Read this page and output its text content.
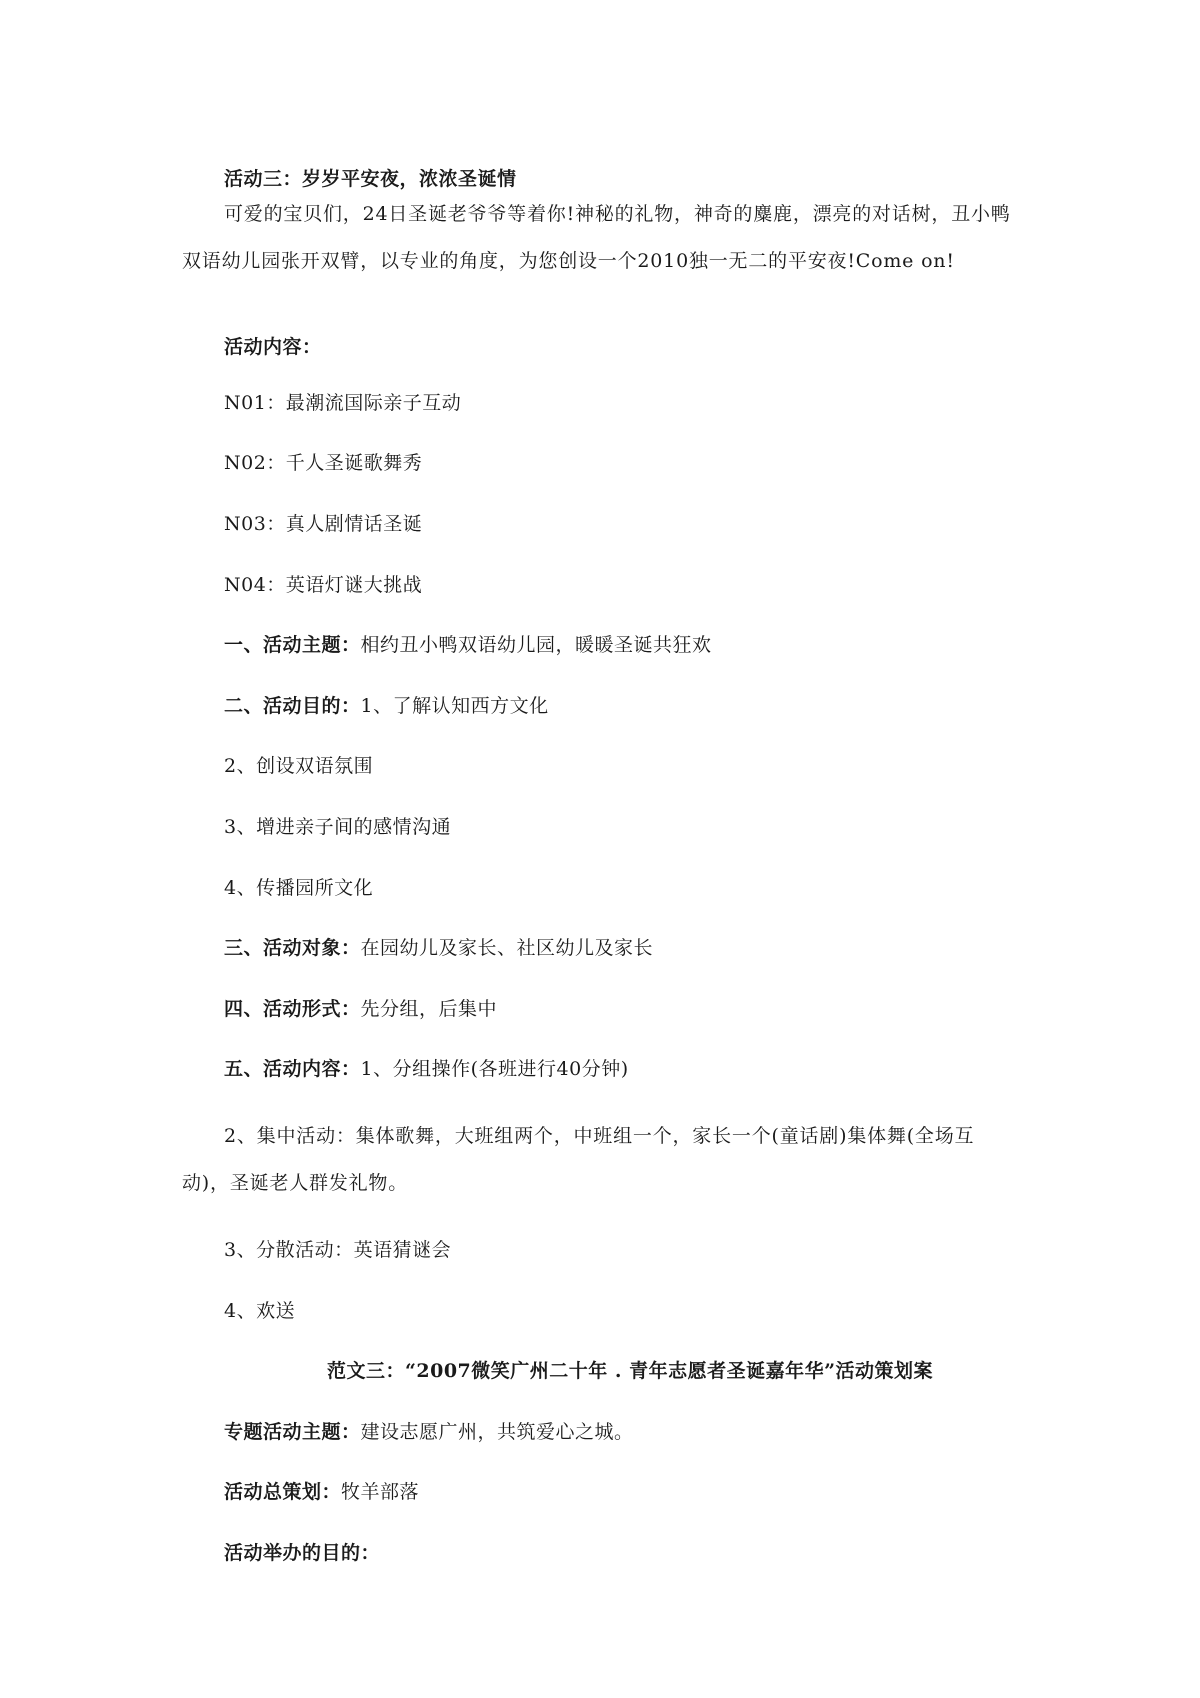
活动三：岁岁平安夜，浓浓圣诞情
可爱的宝贝们，24日圣诞老爷爷等着你!神秘的礼物，神奇的麋鹿，漂亮的对话树，丑小鸭双语幼儿园张开双臂，以专业的角度，为您创设一个2010独一无二的平安夜!Come on!
活动内容：
N01：最潮流国际亲子互动
N02：千人圣诞歌舞秀
N03：真人剧情话圣诞
N04：英语灯谜大挑战
一、活动主题：相约丑小鸭双语幼儿园，暖暖圣诞共狂欢
二、活动目的：1、了解认知西方文化
2、创设双语氛围
3、增进亲子间的感情沟通
4、传播园所文化
三、活动对象：在园幼儿及家长、社区幼儿及家长
四、活动形式：先分组，后集中
五、活动内容：1、分组操作(各班进行40分钟)
2、集中活动：集体歌舞，大班组两个，中班组一个，家长一个(童话剧)集体舞(全场互动)，圣诞老人群发礼物。
3、分散活动：英语猜谜会
4、欢送
范文三：“2007微笑广州二十年 . 青年志愿者圣诞嘉年华”活动策划案
专题活动主题：建设志愿广州，共筑爱心之城。
活动总策划：牧羊部落
活动举办的目的：
